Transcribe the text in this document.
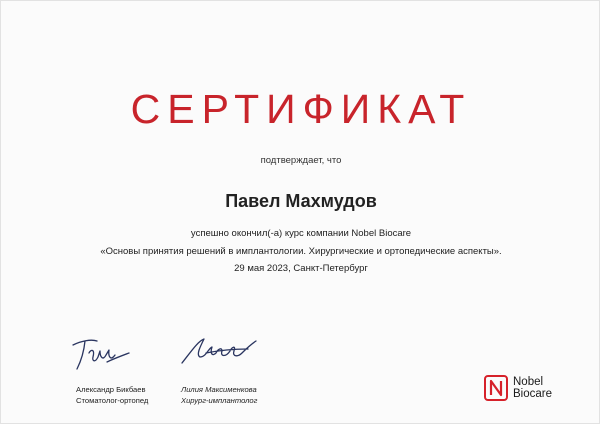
СЕРТИФИКАТ
подтверждает, что
Павел Махмудов
успешно окончил(-а) курс компании Nobel Biocare
«Основы принятия решений в имплантологии. Хирургические и ортопедические аспекты».
29 мая 2023, Санкт-Петербург
Александр Бикбаев
Стоматолог-ортопед
Лилия Максименкова
Хирург-имплантолог
Nobel
Biocare
